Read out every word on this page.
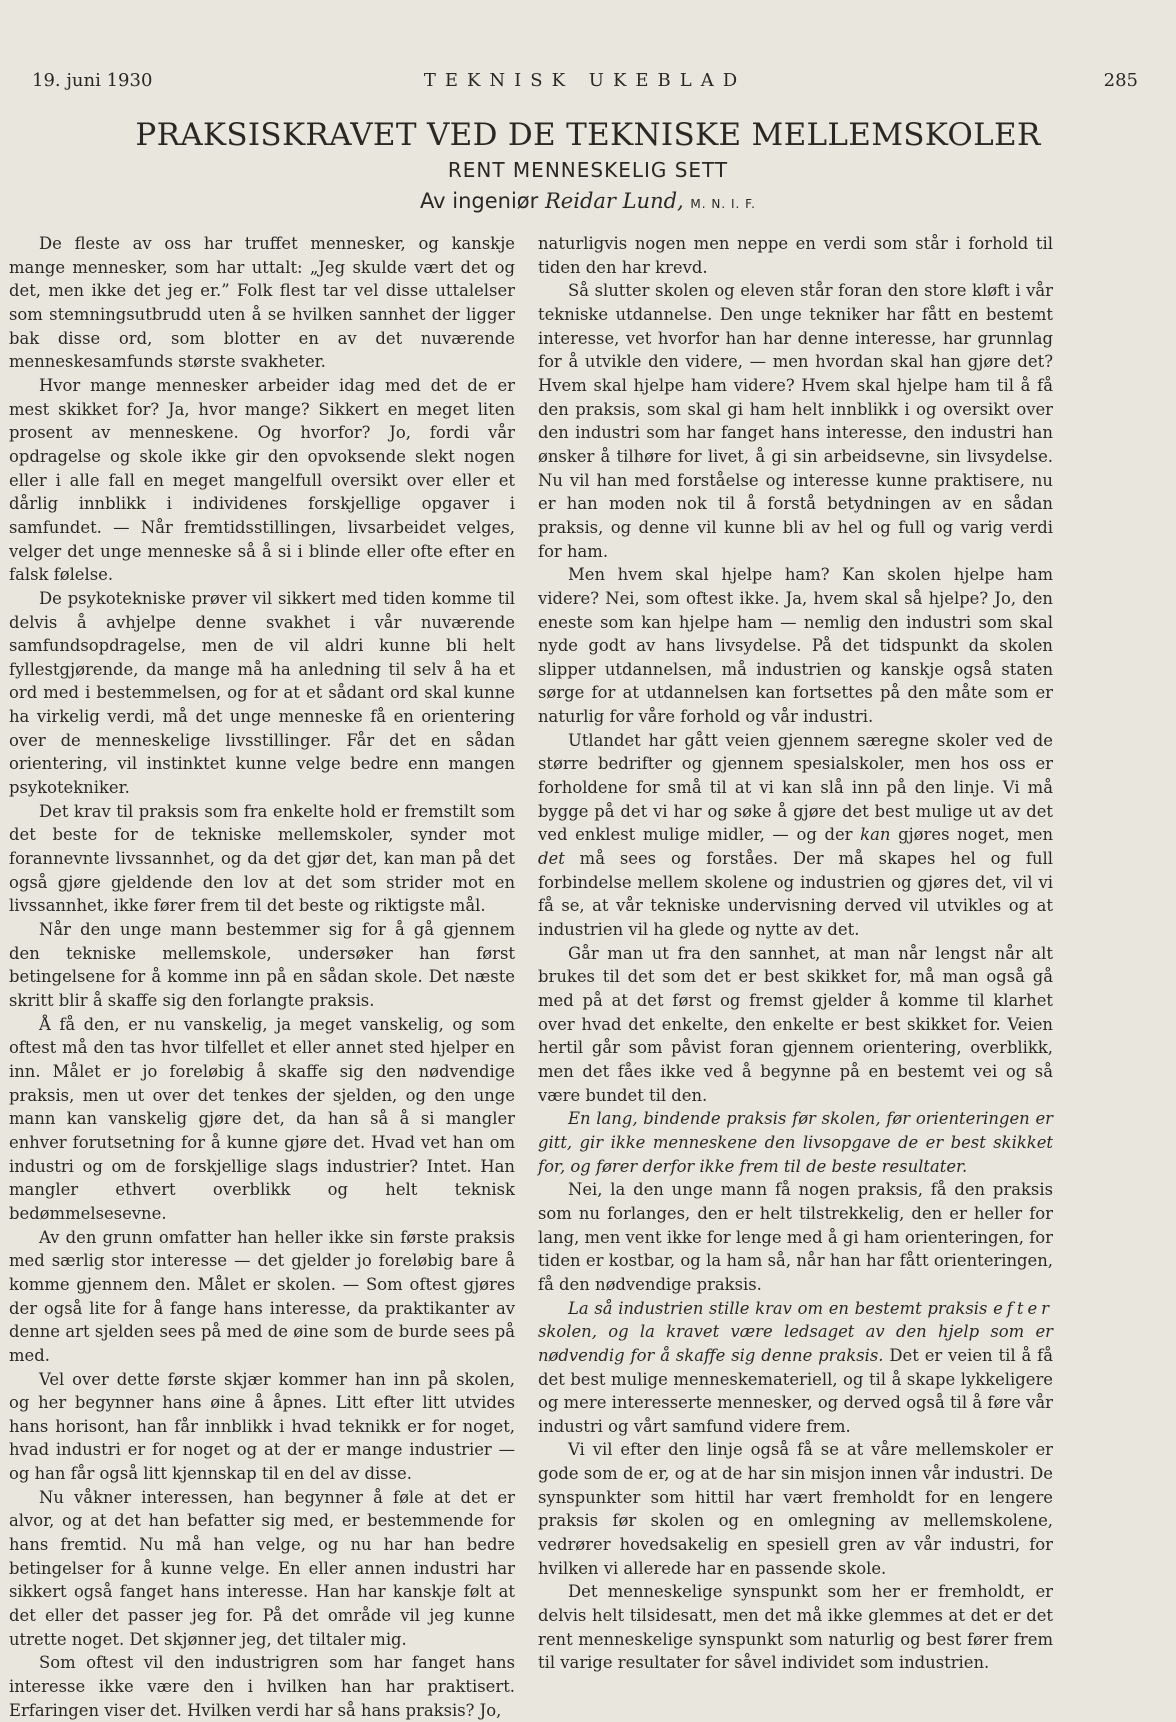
19. juni 1930	TEKNISK UKEBLAD	285
PRAKSISKRAVET VED DE TEKNISKE MELLEMSKOLER
RENT MENNESKELIG SETT
Av ingeniør Reidar Lund, M. N. I. F.

De fleste av oss har truffet mennesker, og kanskje mange mennesker, som har uttalt: „Jeg skulde vært det og det, men ikke det jeg er.” Folk flest tar vel disse uttalelser som stemningsutbrudd uten å se hvilken sannhet der ligger bak disse ord, som blotter en av det nuværende menneskesamfunds største svakheter.

Hvor mange mennesker arbeider idag med det de er mest skikket for? Ja, hvor mange? Sikkert en meget liten prosent av menneskene. Og hvorfor? Jo, fordi vår opdragelse og skole ikke gir den opvoksende slekt nogen eller i alle fall en meget mangelfull oversikt over eller et dårlig innblikk i individenes forskjellige opgaver i samfundet. — Når fremtidsstillingen, livsarbeidet velges, velger det unge menneske så å si i blinde eller ofte efter en falsk følelse.

De psykotekniske prøver vil sikkert med tiden komme til delvis å avhjelpe denne svakhet i vår nuværende samfundsopdragelse, men de vil aldri kunne bli helt fyllestgjørende, da mange må ha anledning til selv å ha et ord med i bestemmelsen, og for at et sådant ord skal kunne ha virkelig verdi, må det unge menneske få en orientering over de menneskelige livsstillinger. Får det en sådan orientering, vil instinktet kunne velge bedre enn mangen psykotekniker.

Det krav til praksis som fra enkelte hold er fremstilt som det beste for de tekniske mellemskoler, synder mot forannevnte livssannhet, og da det gjør det, kan man på det også gjøre gjeldende den lov at det som strider mot en livssannhet, ikke fører frem til det beste og riktigste mål.

Når den unge mann bestemmer sig for å gå gjennem den tekniske mellemskole, undersøker han først betingelsene for å komme inn på en sådan skole. Det næste skritt blir å skaffe sig den forlangte praksis.

Å få den, er nu vanskelig, ja meget vanskelig, og som oftest må den tas hvor tilfellet et eller annet sted hjelper en inn. Målet er jo foreløbig å skaffe sig den nødvendige praksis, men ut over det tenkes der sjelden, og den unge mann kan vanskelig gjøre det, da han så å si mangler enhver forutsetning for å kunne gjøre det. Hvad vet han om industri og om de forskjellige slags industrier? Intet. Han mangler ethvert overblikk og helt teknisk bedømmelsesevne.

Av den grunn omfatter han heller ikke sin første praksis med særlig stor interesse — det gjelder jo foreløbig bare å komme gjennem den. Målet er skolen. — Som oftest gjøres der også lite for å fange hans interesse, da praktikanter av denne art sjelden sees på med de øine som de burde sees på med.

Vel over dette første skjær kommer han inn på skolen, og her begynner hans øine å åpnes. Litt efter litt utvides hans horisont, han får innblikk i hvad teknikk er for noget, hvad industri er for noget og at der er mange industrier — og han får også litt kjennskap til en del av disse.

Nu våkner interessen, han begynner å føle at det er alvor, og at det han befatter sig med, er bestemmende for hans fremtid. Nu må han velge, og nu har han bedre betingelser for å kunne velge. En eller annen industri har sikkert også fanget hans interesse. Han har kanskje følt at det eller det passer jeg for. På det område vil jeg kunne utrette noget. Det skjønner jeg, det tiltaler mig.

Som oftest vil den industrigren som har fanget hans interesse ikke være den i hvilken han har praktisert. Erfaringen viser det. Hvilken verdi har så hans praksis? Jo,

naturligvis nogen men neppe en verdi som står i forhold til tiden den har krevd.

Så slutter skolen og eleven står foran den store kløft i vår tekniske utdannelse. Den unge tekniker har fått en bestemt interesse, vet hvorfor han har denne interesse, har grunnlag for å utvikle den videre, — men hvordan skal han gjøre det? Hvem skal hjelpe ham videre? Hvem skal hjelpe ham til å få den praksis, som skal gi ham helt innblikk i og oversikt over den industri som har fanget hans interesse, den industri han ønsker å tilhøre for livet, å gi sin arbeidsevne, sin livsydelse. Nu vil han med forståelse og interesse kunne praktisere, nu er han moden nok til å forstå betydningen av en sådan praksis, og denne vil kunne bli av hel og full og varig verdi for ham.

Men hvem skal hjelpe ham? Kan skolen hjelpe ham videre? Nei, som oftest ikke. Ja, hvem skal så hjelpe? Jo, den eneste som kan hjelpe ham — nemlig den industri som skal nyde godt av hans livsydelse. På det tidspunkt da skolen slipper utdannelsen, må industrien og kanskje også staten sørge for at utdannelsen kan fortsettes på den måte som er naturlig for våre forhold og vår industri.

Utlandet har gått veien gjennem særegne skoler ved de større bedrifter og gjennem spesialskoler, men hos oss er forholdene for små til at vi kan slå inn på den linje. Vi må bygge på det vi har og søke å gjøre det best mulige ut av det ved enklest mulige midler, — og der kan gjøres noget, men det må sees og forståes. Der må skapes hel og full forbindelse mellem skolene og industrien og gjøres det, vil vi få se, at vår tekniske undervisning derved vil utvikles og at industrien vil ha glede og nytte av det.

Går man ut fra den sannhet, at man når lengst når alt brukes til det som det er best skikket for, må man også gå med på at det først og fremst gjelder å komme til klarhet over hvad det enkelte, den enkelte er best skikket for. Veien hertil går som påvist foran gjennem orientering, overblikk, men det fåes ikke ved å begynne på en bestemt vei og så være bundet til den.

En lang, bindende praksis før skolen, før orienteringen er gitt, gir ikke menneskene den livsopgave de er best skikket for, og fører derfor ikke frem til de beste resultater.

Nei, la den unge mann få nogen praksis, få den praksis som nu forlanges, den er helt tilstrekkelig, den er heller for lang, men vent ikke for lenge med å gi ham orienteringen, for tiden er kostbar, og la ham så, når han har fått orienteringen, få den nødvendige praksis.

La så industrien stille krav om en bestemt praksis efter skolen, og la kravet være ledsaget av den hjelp som er nødvendig for å skaffe sig denne praksis. Det er veien til å få det best mulige menneskemateriell, og til å skape lykkeligere og mere interesserte mennesker, og derved også til å føre vår industri og vårt samfund videre frem.

Vi vil efter den linje også få se at våre mellemskoler er gode som de er, og at de har sin misjon innen vår industri. De synspunkter som hittil har vært fremholdt for en lengere praksis før skolen og en omlegning av mellemskolene, vedrører hovedsakelig en spesiell gren av vår industri, for hvilken vi allerede har en passende skole.

Det menneskelige synspunkt som her er fremholdt, er delvis helt tilsidesatt, men det må ikke glemmes at det er det rent menneskelige synspunkt som naturlig og best fører frem til varige resultater for såvel individet som industrien.
